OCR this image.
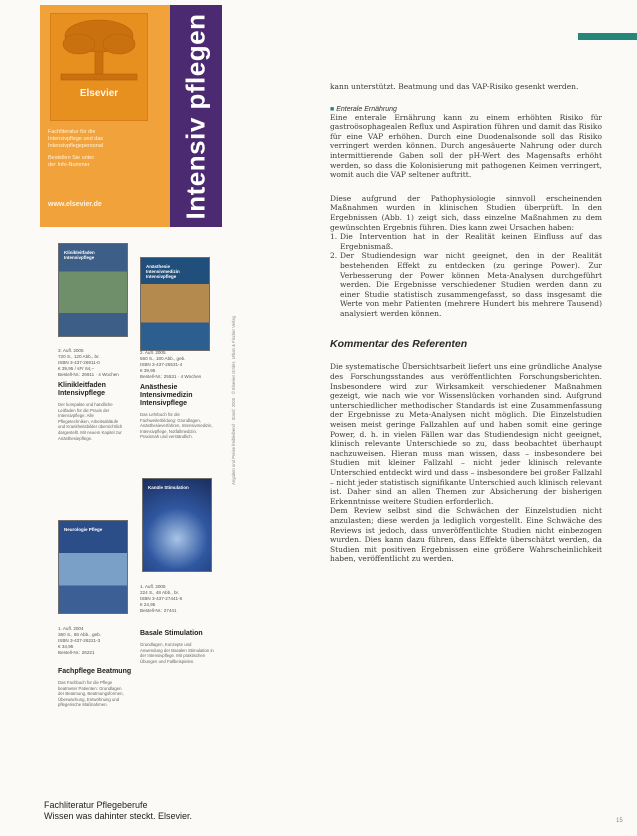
Elsevier
Fachliteratur für die
Intensivpflege und das
Intensivpflegepersonal
Bestellen Sie unter
der Info-Nummer
www.elsevier.de	Intensiv pflegen
Klinikleitfaden Intensivpflege
3. Aufl. 2005
720 S., 120 Abb., br.
ISBN 3-437-26911-0
€ 39,95 / sFr 64,–
Bestell-Nr.: 26911 · 4 Wochen
Klinikleitfaden
Intensivpflege
Der kompakte und handliche Leitfaden für die Praxis der Intensivpflege. Alle Pflegetechniken, Arbeitsabläufe und Krankheitsbilder übersichtlich dargestellt. Mit neuem Kapitel zur Anästhesiepflege.
Anästhesie Intensivmedizin Intensivpflege
2. Aufl. 2005
560 S., 180 Abb., geb.
ISBN 3-437-25531-4
€ 39,95
Bestell-Nr.: 25531 · 4 Wochen
Anästhesie
Intensivmedizin
Intensivpflege
Das Lehrbuch für die Fachweiterbildung: Grundlagen, Anästhesieverfahren, Intensivmedizin, Intensivpflege, Notfallmedizin. Praxisnah und verständlich.
Kanüle Stimulation
1. Aufl. 2005
224 S., 48 Abb., br.
ISBN 3-437-27441-6
€ 24,95
Bestell-Nr.: 27441
Basale Stimulation
Grundlagen, Konzepte und Anwendung der Basalen Stimulation in der Intensivpflege. Mit praktischen Übungen und Fallbeispielen.
Neurologie Pflege
1. Aufl. 2004
360 S., 86 Abb., geb.
ISBN 3-437-26221-3
€ 34,95
Bestell-Nr.: 26221
Fachpflege Beatmung
Das Fachbuch für die Pflege beatmeter Patienten: Grundlagen der Beatmung, Beatmungsformen, Überwachung, Entwöhnung und pflegerische Maßnahmen.
Angaben und Preise freibleibend · Stand: 2005 · © Elsevier GmbH, Urban & Fischer Verlag
Fachliteratur Pflegeberufe
Wissen was dahinter steckt. Elsevier.
kann unterstützt. Beatmung und das VAP-Risiko gesenkt werden.
■ Enterale Ernährung
Eine enterale Ernährung kann zu einem erhöhten Risiko für gastroösophagealen Reflux und Aspiration führen und damit das Risiko für eine VAP erhöhen. Durch eine Duodenalsonde soll das Risiko verringert werden können. Durch angesäuerte Nahrung oder durch intermittierende Gaben soll der pH-Wert des Magensafts erhöht werden, so dass die Kolonisierung mit pathogenen Keimen verringert, womit auch die VAP seltener auftritt.
Diese aufgrund der Pathophysiologie sinnvoll erscheinenden Maßnahmen wurden in klinischen Studien überprüft. In den Ergebnissen (Abb. 1) zeigt sich, dass einzelne Maßnahmen zu dem gewünschten Ergebnis führen. Dies kann zwei Ursachen haben:
1. Die Intervention hat in der Realität keinen Einfluss auf das Ergebnismaß.
2. Der Studiendesign war nicht geeignet, den in der Realität bestehenden Effekt zu entdecken (zu geringe Power). Zur Verbesserung der Power können Meta-Analysen durchgeführt werden. Die Ergebnisse verschiedener Studien werden dann zu einer Studie statistisch zusammengefasst, so dass insgesamt die Werte von mehr Patienten (mehrere Hundert bis mehrere Tausend) analysiert werden können.
Kommentar des Referenten
Die systematische Übersichtsarbeit liefert uns eine gründliche Analyse des Forschungsstandes aus veröffentlichten Forschungsberichten. Insbesondere wird zur Wirksamkeit verschiedener Maßnahmen gezeigt, wie nach wie vor Wissenslücken vorhanden sind. Aufgrund unterschiedlicher methodischer Standards ist eine Zusammenfassung der Ergebnisse zu Meta-Analysen nicht möglich. Die Einzelstudien weisen meist geringe Fallzahlen auf und haben somit eine geringe Power, d. h. in vielen Fällen war das Studiendesign nicht geeignet, klinisch relevante Unterschiede so zu, dass beobachtet überhaupt nachzuweisen. Hieran muss man wissen, dass – insbesondere bei Studien mit kleiner Fallzahl – nicht jeder klinisch relevante Unterschied entdeckt wird und dass – insbesondere bei großer Fallzahl – nicht jeder statistisch signifikante Unterschied auch klinisch relevant ist. Daher sind an allen Themen zur Absicherung der bisherigen Erkenntnisse weitere Studien erforderlich.
Dem Review selbst sind die Schwächen der Einzelstudien nicht anzulasten; diese werden ja lediglich vorgestellt. Eine Schwäche des Reviews ist jedoch, dass unveröffentlichte Studien nicht einbezogen wurden. Dies kann dazu führen, dass Effekte überschätzt werden, da Studien mit positiven Ergebnissen eine größere Wahrscheinlichkeit haben, veröffentlicht zu werden.
15
